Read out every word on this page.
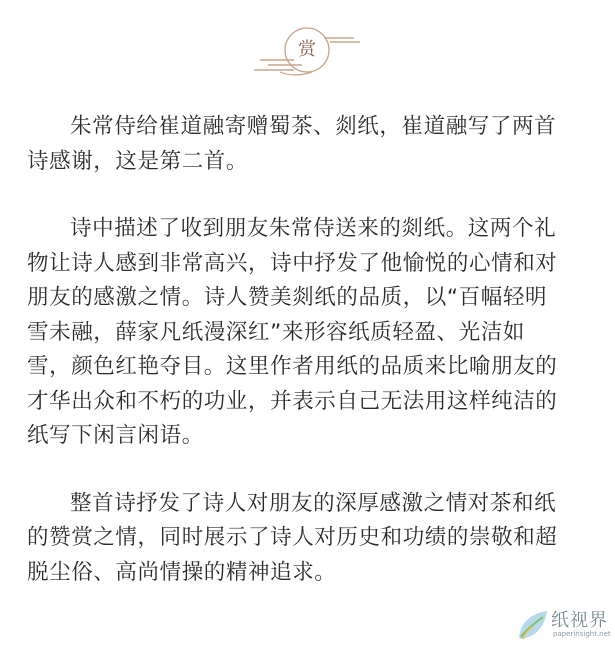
赏

朱常侍给崔道融寄赠蜀茶、剡纸，崔道融写了两首
诗感谢，这是第二首。

诗中描述了收到朋友朱常侍送来的剡纸。这两个礼
物让诗人感到非常高兴，诗中抒发了他愉悦的心情和对
朋友的感激之情。诗人赞美剡纸的品质，以“百幅轻明
雪未融，薛家凡纸漫深红”来形容纸质轻盈、光洁如
雪，颜色红艳夺目。这里作者用纸的品质来比喻朋友的
才华出众和不朽的功业，并表示自己无法用这样纯洁的
纸写下闲言闲语。

整首诗抒发了诗人对朋友的深厚感激之情对茶和纸
的赞赏之情，同时展示了诗人对历史和功绩的崇敬和超
脱尘俗、高尚情操的精神追求。

纸视界
paperinsight.net
